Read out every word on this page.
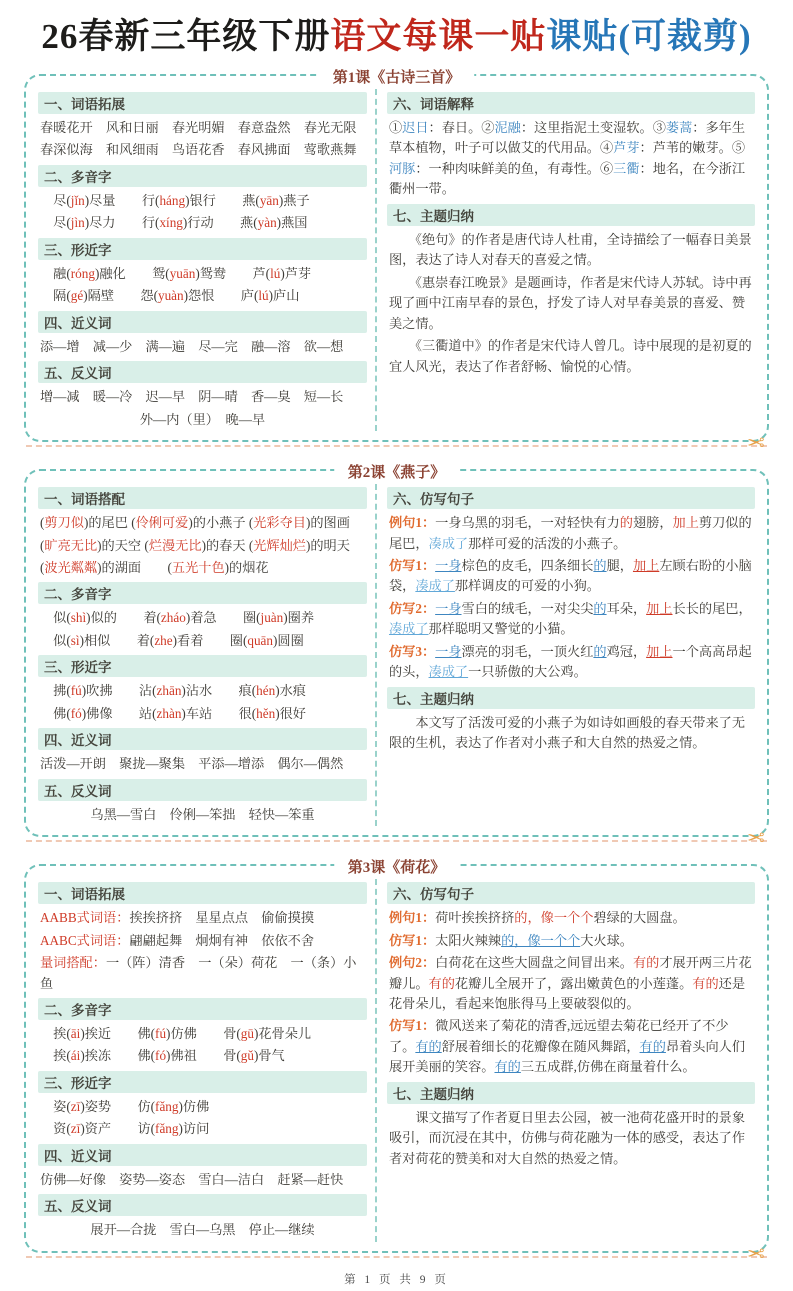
26春新三年级下册语文每课一贴课贴(可裁剪)
第1课《古诗三首》
一、词语拓展
春暖花开　风和日丽　春光明媚　春意盎然　春光无限
春深似海　和风细雨　鸟语花香　春风拂面　莺歌燕舞
二、多音字
　尽(jǐn)尽量　　行(háng)银行　　燕(yān)燕子
　尽(jìn)尽力　　行(xíng)行动　　燕(yàn)燕国
三、形近字
　融(róng)融化　　鸳(yuān)鸳鸯　　芦(lú)芦芽
　隔(gé)隔壁　　怨(yuàn)怨恨　　庐(lú)庐山
四、近义词
添—增　减—少　满—遍　尽—完　融—溶　欲—想
五、反义词
增—减　暖—冷　迟—早　阴—晴　香—臭　短—长
外—内（里）　晚—早
六、词语解释
①迟日：春日。②泥融：这里指泥土变湿软。③蒌蒿：多年生草本植物，叶子可以做艾的代用品。④芦芽：芦苇的嫩芽。⑤河豚：一种肉味鲜美的鱼，有毒性。⑥三衢：地名，在今浙江衢州一带。
七、主题归纳
　　《绝句》的作者是唐代诗人杜甫，全诗描绘了一幅春日美景图，表达了诗人对春天的喜爱之情。
　　《惠崇春江晚景》是题画诗，作者是宋代诗人苏轼。诗中再现了画中江南早春的景色，抒发了诗人对早春美景的喜爱、赞美之情。
　　《三衢道中》的作者是宋代诗人曾几。诗中展现的是初夏的宜人风光，表达了作者舒畅、愉悦的心情。
✂
第2课《燕子》
一、词语搭配
(剪刀似)的尾巴 (伶俐可爱)的小燕子 (光彩夺目)的图画
(旷亮无比)的天空 (烂漫无比)的春天 (光辉灿烂)的明天
(波光粼粼)的湖面　　(五光十色)的烟花
二、多音字
　似(shì)似的　　着(zháo)着急　　圈(juàn)圈养
　似(sì)相似　　着(zhe)看着　　圈(quān)圆圈
三、形近字
　拂(fú)吹拂　　沾(zhān)沾水　　痕(hén)水痕
　佛(fó)佛像　　站(zhàn)车站　　很(hěn)很好
四、近义词
活泼—开朗　聚拢—聚集　平添—增添　偶尔—偶然
五、反义词
乌黑—雪白　伶俐—笨拙　轻快—笨重
六、仿写句子
例句1：一身乌黑的羽毛，一对轻快有力的翅膀，加上剪刀似的尾巴，凑成了那样可爱的活泼的小燕子。
仿写1：一身棕色的皮毛，四条细长的腿，加上左顾右盼的小脑袋，凑成了那样调皮的可爱的小狗。
仿写2：一身雪白的绒毛，一对尖尖的耳朵，加上长长的尾巴，凑成了那样聪明又警觉的小猫。
仿写3：一身漂亮的羽毛，一顶火红的鸡冠，加上一个高高昂起的头，凑成了一只骄傲的大公鸡。
七、主题归纳
　　本文写了活泼可爱的小燕子为如诗如画般的春天带来了无限的生机，表达了作者对小燕子和大自然的热爱之情。
✂
第3课《荷花》
一、词语拓展
AABB式词语：挨挨挤挤　星星点点　偷偷摸摸
AABC式词语：翩翩起舞　炯炯有神　依依不舍
量词搭配：一（阵）清香　一（朵）荷花　一（条）小鱼
二、多音字
　挨(āi)挨近　　佛(fú)仿佛　　骨(gū)花骨朵儿
　挨(ái)挨冻　　佛(fó)佛祖　　骨(gǔ)骨气
三、形近字
　姿(zī)姿势　　仿(fǎng)仿佛
　资(zī)资产　　访(fǎng)访问
四、近义词
仿佛—好像　姿势—姿态　雪白—洁白　赶紧—赶快
五、反义词
展开—合拢　雪白—乌黑　停止—继续
六、仿写句子
例句1：荷叶挨挨挤挤的，像一个个碧绿的大圆盘。
仿写1：太阳火辣辣的，像一个个大火球。
例句2：白荷花在这些大圆盘之间冒出来。有的才展开两三片花瓣儿。有的花瓣儿全展开了，露出嫩黄色的小莲蓬。有的还是花骨朵儿，看起来饱胀得马上要破裂似的。
仿写1：微风送来了菊花的清香,远远望去菊花已经开了不少了。有的舒展着细长的花瓣像在随风舞蹈，有的昂着头向人们展开美丽的笑容。有的三五成群,仿佛在商量着什么。
七、主题归纳
　　课文描写了作者夏日里去公园，被一池荷花盛开时的景象吸引，而沉浸在其中，仿佛与荷花融为一体的感受，表达了作者对荷花的赞美和对大自然的热爱之情。
✂
第 1 页 共 9 页
